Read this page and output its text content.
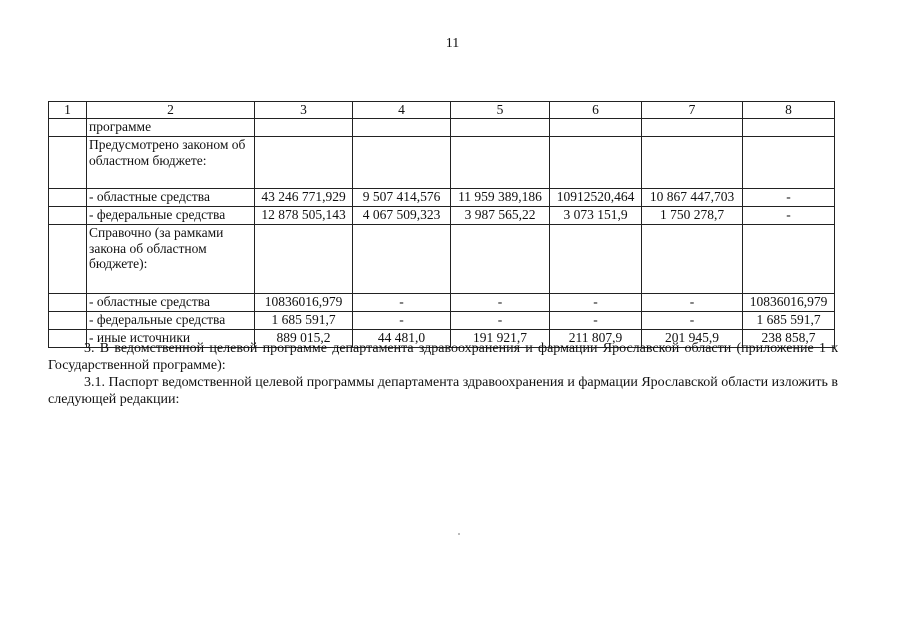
11
1	2	3	4	5	6	7	8
	программе						
	Предусмотрено законом об областном бюджете:						
	- областные средства	43 246 771,929	9 507 414,576	11 959 389,186	10912520,464	10 867 447,703	-
	- федеральные средства	12 878 505,143	4 067 509,323	3 987 565,22	3 073 151,9	1 750 278,7	-
	Справочно (за рамками закона об областном бюджете):						
	- областные средства	10836016,979	-	-	-	-	10836016,979
	- федеральные средства	1 685 591,7	-	-	-	-	1 685 591,7
	- иные источники	889 015,2	44 481,0	191 921,7	211 807,9	201 945,9	238 858,7
3. В ведомственной целевой программе департамента здравоохранения и фармации Ярославской области (приложение 1 к Государственной программе):
3.1. Паспорт ведомственной целевой программы департамента здравоохранения и фармации Ярославской области изложить в следующей редакции:
